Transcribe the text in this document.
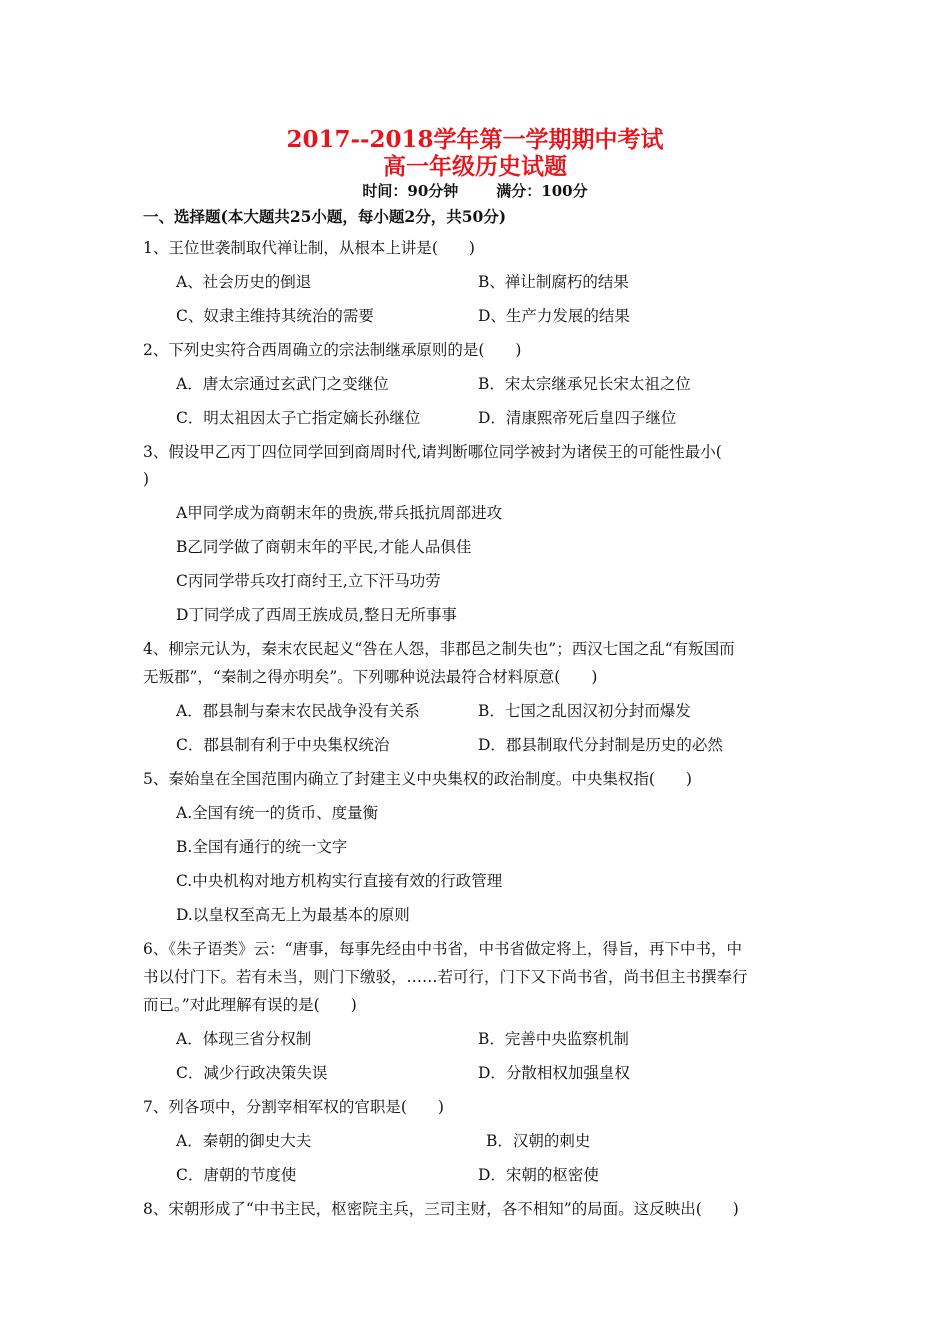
2017--2018学年第一学期期中考试
高一年级历史试题
时间：90分钟	满分：100分
一、选择题(本大题共25小题，每小题2分，共50分)
1、王位世袭制取代禅让制，从根本上讲是(　　)
A、社会历史的倒退	B、禅让制腐朽的结果
C、奴隶主维持其统治的需要	D、生产力发展的结果
2、下列史实符合西周确立的宗法制继承原则的是(　　)
A．唐太宗通过玄武门之变继位	B．宋太宗继承兄长宋太祖之位
C．明太祖因太子亡指定嫡长孙继位	D．清康熙帝死后皇四子继位
3、假设甲乙丙丁四位同学回到商周时代,请判断哪位同学被封为诸侯王的可能性最小(
)
A甲同学成为商朝末年的贵族,带兵抵抗周部进攻
B乙同学做了商朝末年的平民,才能人品俱佳
C丙同学带兵攻打商纣王,立下汗马功劳
D丁同学成了西周王族成员,整日无所事事
4、柳宗元认为，秦末农民起义“咎在人怨，非郡邑之制失也”；西汉七国之乱“有叛国而
无叛郡”，“秦制之得亦明矣”。下列哪种说法最符合材料原意(　　)
A．郡县制与秦末农民战争没有关系	B．七国之乱因汉初分封而爆发
C．郡县制有利于中央集权统治	D．郡县制取代分封制是历史的必然
5、秦始皇在全国范围内确立了封建主义中央集权的政治制度。中央集权指(　　)
A.全国有统一的货币、度量衡
B.全国有通行的统一文字
C.中央机构对地方机构实行直接有效的行政管理
D.以皇权至高无上为最基本的原则
6、《朱子语类》云：“唐事，每事先经由中书省，中书省做定将上，得旨，再下中书，中
书以付门下。若有未当，则门下缴驳，……若可行，门下又下尚书省，尚书但主书撰奉行
而已。”对此理解有误的是(　　)
A．体现三省分权制	B．完善中央监察机制
C．减少行政决策失误	D．分散相权加强皇权
7、列各项中，分割宰相军权的官职是(　　)
A．秦朝的御史大夫	B．汉朝的刺史
C．唐朝的节度使	D．宋朝的枢密使
8、宋朝形成了“中书主民，枢密院主兵，三司主财，各不相知”的局面。这反映出(　　)
